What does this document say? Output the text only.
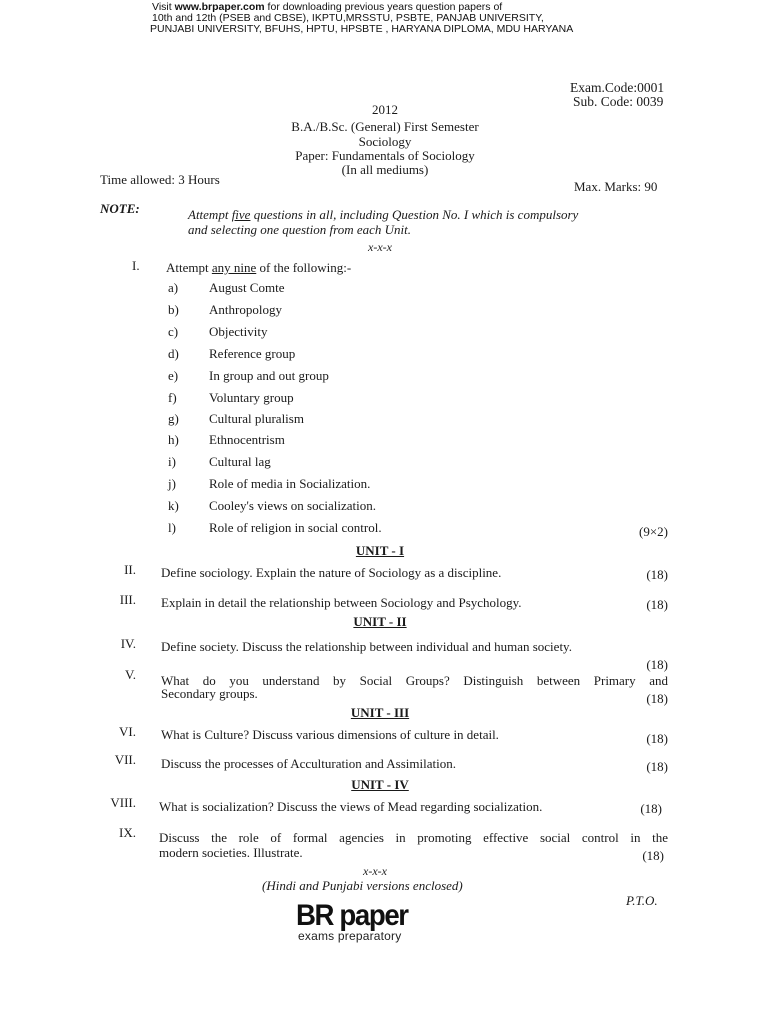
Visit www.brpaper.com for downloading previous years question papers of
10th and 12th (PSEB and CBSE), IKPTU,MRSSTU, PSBTE, PANJAB UNIVERSITY,
PUNJABI UNIVERSITY, BFUHS, HPTU, HPSBTE , HARYANA DIPLOMA, MDU HARYANA
Exam.Code:0001
Sub. Code: 0039
2012
B.A./B.Sc. (General) First Semester
Sociology
Paper: Fundamentals of Sociology
(In all mediums)
Time allowed: 3 Hours	Max. Marks: 90
NOTE:	Attempt five questions in all, including Question No. I which is compulsory
and selecting one question from each Unit.
x-x-x
I. Attempt any nine of the following:-
a) August Comte
b) Anthropology
c) Objectivity
d) Reference group
e) In group and out group
f) Voluntary group
g) Cultural pluralism
h) Ethnocentrism
i)	Cultural lag
j)	Role of media in Socialization.
k) Cooley's views on socialization.
l)	Role of religion in social control.	(9×2)
UNIT - I
II. Define sociology. Explain the nature of Sociology as a discipline.	(18)
III. Explain in detail the relationship between Sociology and Psychology.	(18)
UNIT - II
IV. Define society. Discuss the relationship between individual and human society.
(18)
V. What do you understand by Social Groups? Distinguish between Primary and
Secondary groups.	(18)
UNIT - III
VI. What is Culture? Discuss various dimensions of culture in detail.	(18)
VII. Discuss the processes of Acculturation and Assimilation.	(18)
UNIT - IV
VIII. What is socialization? Discuss the views of Mead regarding socialization.	(18)
IX. Discuss the role of formal agencies in promoting effective social control in the
modern societies. Illustrate.	(18)
x-x-x
(Hindi and Punjabi versions enclosed)
P.T.O.
BR paper
exams preparatory
